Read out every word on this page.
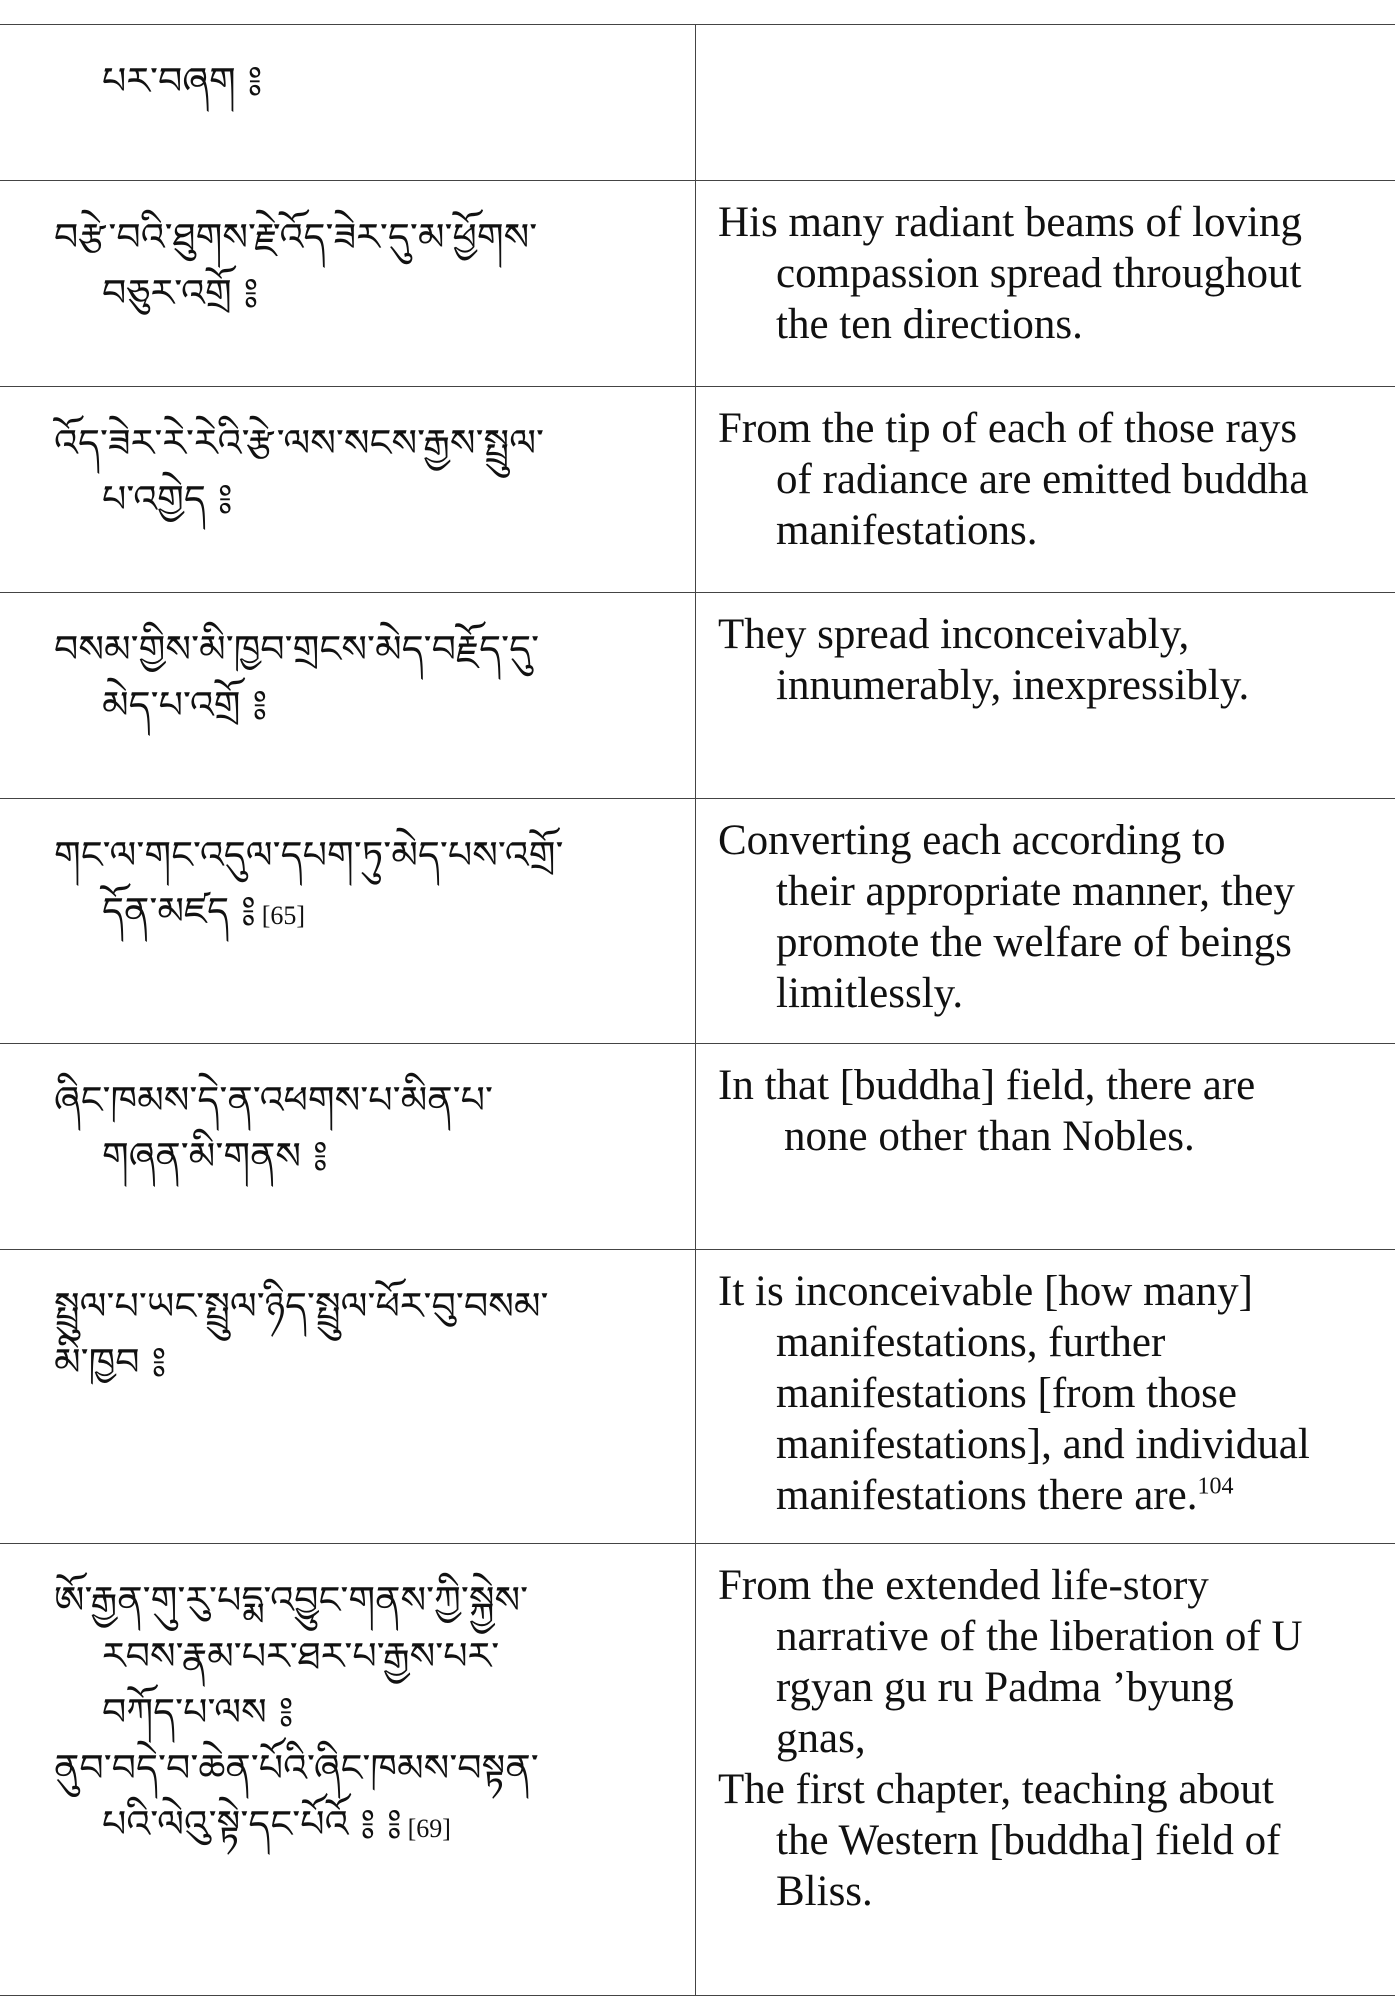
པར་བཞག ༔
བརྩེ་བའི་ཐུགས་རྗེ་འོད་ཟེར་དུ་མ་ཕྱོགས་
བཅུར་འགྲོ ༔
His many radiant beams of loving
compassion spread throughout
the ten directions.
འོད་ཟེར་རེ་རེའི་རྩེ་ལས་སངས་རྒྱས་སྤྲུལ་
པ་འགྱེད ༔
From the tip of each of those rays
of radiance are emitted buddha
manifestations.
བསམ་གྱིས་མི་ཁྱབ་གྲངས་མེད་བརྗོད་དུ་
མེད་པ་འགྲོ ༔
They spread inconceivably,
innumerably, inexpressibly.
གང་ལ་གང་འདུལ་དཔག་ཏུ་མེད་པས་འགྲོ་
དོན་མཛད ༔ [65]
Converting each according to
their appropriate manner, they
promote the welfare of beings
limitlessly.
ཞིང་ཁམས་དེ་ན་འཕགས་པ་མིན་པ་
གཞན་མི་གནས ༔
In that [buddha] field, there are
none other than Nobles.
སྤྲུལ་པ་ཡང་སྤྲུལ་ཉིད་སྤྲུལ་ཕོར་བུ་བསམ་
མི་ཁྱབ ༔
It is inconceivable [how many]
manifestations, further
manifestations [from those
manifestations], and individual
manifestations there are.$^{104}$
ཨོ་རྒྱན་གུ་རུ་པདྨ་འབྱུང་གནས་ཀྱི་སྐྱེས་
རབས་རྣམ་པར་ཐར་པ་རྒྱས་པར་
བཀོད་པ་ལས ༔
ནུབ་བདེ་བ་ཆེན་པོའི་ཞིང་ཁམས་བསྟན་
པའི་ལེའུ་སྟེ་དང་པོའོ ༔ ༔ [69]
From the extended life-story
narrative of the liberation of U
rgyan gu ru Padma ’byung
gnas,
The first chapter, teaching about
the Western [buddha] field of
Bliss.
